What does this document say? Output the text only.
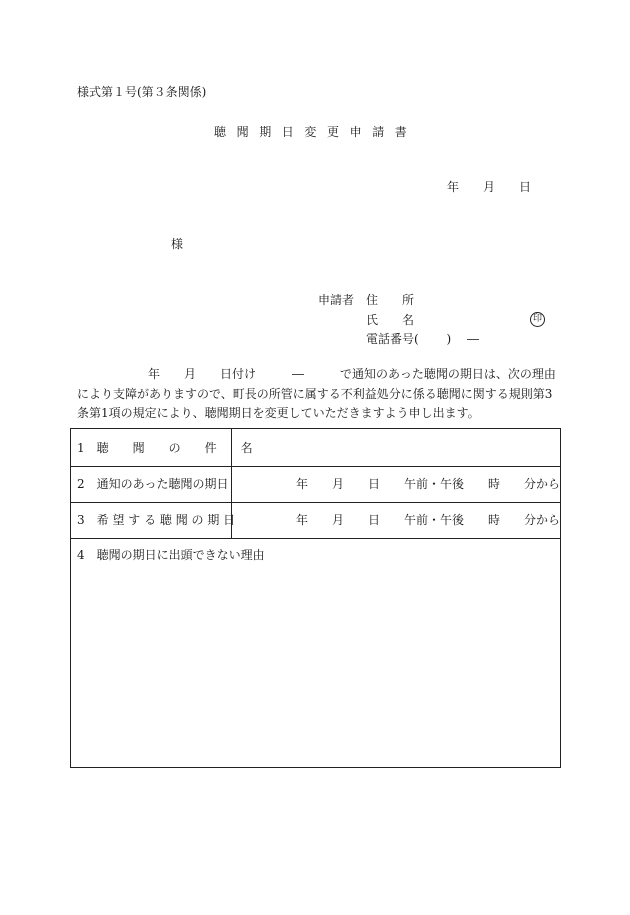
様式第１号(第３条関係)
聴聞期日変更申請書
年　　月　　日
様
申請者 住　　所
氏　　名	印
電話番号(　　 )　 ―
年　　月　　日付け　　　―　　　で通知のあった聴聞の期日は、次の理由
により支障がありますので、町長の所管に属する不利益処分に係る聴聞に関する規則第3
条第1項の規定により、聴聞期日を変更していただきますよう申し出ます。
1　聴　　聞　　の　　件　　名
2　通知のあった聴聞の期日	年　　月　　日　　午前・午後　　時　　分から
3　希 望 す る 聴 聞 の 期 日	年　　月　　日　　午前・午後　　時　　分から
4　聴聞の期日に出頭できない理由
